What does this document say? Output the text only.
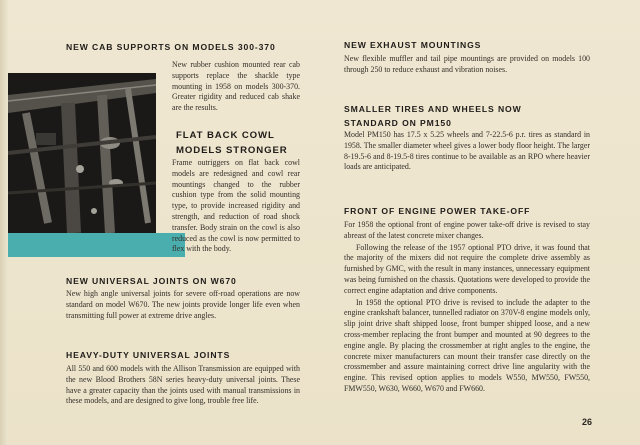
NEW CAB SUPPORTS ON MODELS 300-370
New rubber cushion mounted rear cab supports replace the shackle type mounting in 1958 on models 300-370. Greater rigidity and reduced cab shake are the results.
FLAT BACK COWL
MODELS STRONGER
Frame outriggers on flat back cowl models are redesigned and cowl rear mountings changed to the rubber cushion type from the solid mounting type, to provide increased rigidity and strength, and reduction of road shock transfer. Body strain on the cowl is also reduced as the cowl is now permitted to flex with the body.
NEW UNIVERSAL JOINTS ON W670
New high angle universal joints for severe off-road operations are now standard on model W670. The new joints provide longer life even when transmitting full power at extreme drive angles.
HEAVY-DUTY UNIVERSAL JOINTS
All 550 and 600 models with the Allison Transmission are equipped with the new Blood Brothers 58N series heavy-duty universal joints. These have a greater capacity than the joints used with manual transmissions in these models, and are designed to give long, trouble free life.
NEW EXHAUST MOUNTINGS
New flexible muffler and tail pipe mountings are provided on models 100 through 250 to reduce exhaust and vibration noises.
SMALLER TIRES AND WHEELS NOW
STANDARD ON PM150
Model PM150 has 17.5 x 5.25 wheels and 7-22.5-6 p.r. tires as standard in 1958. The smaller diameter wheel gives a lower body floor height. The larger 8-19.5-6 and 8-19.5-8 tires continue to be available as an RPO where heavier loads are anticipated.
FRONT OF ENGINE POWER TAKE-OFF

For 1958 the optional front of engine power take-off drive is revised to stay abreast of the latest concrete mixer changes.

Following the release of the 1957 optional PTO drive, it was found that the majority of the mixers did not require the complete drive assembly as furnished by GMC, with the result in many instances, unnecessary equipment was being furnished on the chassis. Quotations were developed to provide the correct engine adaptation and drive components.

In 1958 the optional PTO drive is revised to include the adapter to the engine crankshaft balancer, tunnelled radiator on 370V-8 engine models only, slip joint drive shaft shipped loose, front bumper shipped loose, and a new cross-member replacing the front bumper and mounted at 90 degrees to the engine angle. By placing the crossmember at right angles to the engine, the concrete mixer manufacturers can mount their transfer case directly on the crossmember and assure maintaining correct drive line angularity with the engine. This revised option applies to models W550, MW550, FW550, FMW550, W630, W660, W670 and FW660.

26
